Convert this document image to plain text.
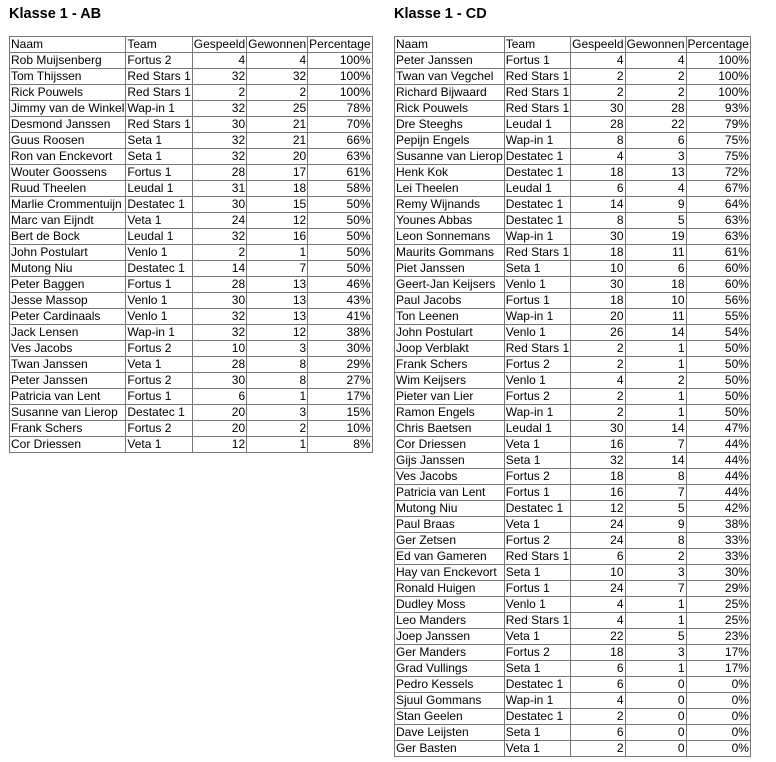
Klasse 1 - AB
Naam	Team	Gespeeld	Gewonnen	Percentage
Rob Muijsenberg	Fortus 2	4	4	100%
Tom Thijssen	Red Stars 1	32	32	100%
Rick Pouwels	Red Stars 1	2	2	100%
Jimmy van de Winkel	Wap-in 1	32	25	78%
Desmond Janssen	Red Stars 1	30	21	70%
Guus Roosen	Seta 1	32	21	66%
Ron van Enckevort	Seta 1	32	20	63%
Wouter Goossens	Fortus 1	28	17	61%
Ruud Theelen	Leudal 1	31	18	58%
Marlie Crommentuijn	Destatec 1	30	15	50%
Marc van Eijndt	Veta 1	24	12	50%
Bert de Bock	Leudal 1	32	16	50%
John Postulart	Venlo 1	2	1	50%
Mutong Niu	Destatec 1	14	7	50%
Peter Baggen	Fortus 1	28	13	46%
Jesse Massop	Venlo 1	30	13	43%
Peter Cardinaals	Venlo 1	32	13	41%
Jack Lensen	Wap-in 1	32	12	38%
Ves Jacobs	Fortus 2	10	3	30%
Twan Janssen	Veta 1	28	8	29%
Peter Janssen	Fortus 2	30	8	27%
Patricia van Lent	Fortus 1	6	1	17%
Susanne van Lierop	Destatec 1	20	3	15%
Frank Schers	Fortus 2	20	2	10%
Cor Driessen	Veta 1	12	1	8%
Klasse 1 - CD
Naam	Team	Gespeeld	Gewonnen	Percentage
Peter Janssen	Fortus 1	4	4	100%
Twan van Vegchel	Red Stars 1	2	2	100%
Richard Bijwaard	Red Stars 1	2	2	100%
Rick Pouwels	Red Stars 1	30	28	93%
Dre Steeghs	Leudal 1	28	22	79%
Pepijn Engels	Wap-in 1	8	6	75%
Susanne van Lierop	Destatec 1	4	3	75%
Henk Kok	Destatec 1	18	13	72%
Lei Theelen	Leudal 1	6	4	67%
Remy Wijnands	Destatec 1	14	9	64%
Younes Abbas	Destatec 1	8	5	63%
Leon Sonnemans	Wap-in 1	30	19	63%
Maurits Gommans	Red Stars 1	18	11	61%
Piet Janssen	Seta 1	10	6	60%
Geert-Jan Keijsers	Venlo 1	30	18	60%
Paul Jacobs	Fortus 1	18	10	56%
Ton Leenen	Wap-in 1	20	11	55%
John Postulart	Venlo 1	26	14	54%
Joop Verblakt	Red Stars 1	2	1	50%
Frank Schers	Fortus 2	2	1	50%
Wim Keijsers	Venlo 1	4	2	50%
Pieter van Lier	Fortus 2	2	1	50%
Ramon Engels	Wap-in 1	2	1	50%
Chris Baetsen	Leudal 1	30	14	47%
Cor Driessen	Veta 1	16	7	44%
Gijs Janssen	Seta 1	32	14	44%
Ves Jacobs	Fortus 2	18	8	44%
Patricia van Lent	Fortus 1	16	7	44%
Mutong Niu	Destatec 1	12	5	42%
Paul Braas	Veta 1	24	9	38%
Ger Zetsen	Fortus 2	24	8	33%
Ed van Gameren	Red Stars 1	6	2	33%
Hay van Enckevort	Seta 1	10	3	30%
Ronald Huigen	Fortus 1	24	7	29%
Dudley Moss	Venlo 1	4	1	25%
Leo Manders	Red Stars 1	4	1	25%
Joep Janssen	Veta 1	22	5	23%
Ger Manders	Fortus 2	18	3	17%
Grad Vullings	Seta 1	6	1	17%
Pedro Kessels	Destatec 1	6	0	0%
Sjuul Gommans	Wap-in 1	4	0	0%
Stan Geelen	Destatec 1	2	0	0%
Dave Leijsten	Seta 1	6	0	0%
Ger Basten	Veta 1	2	0	0%
